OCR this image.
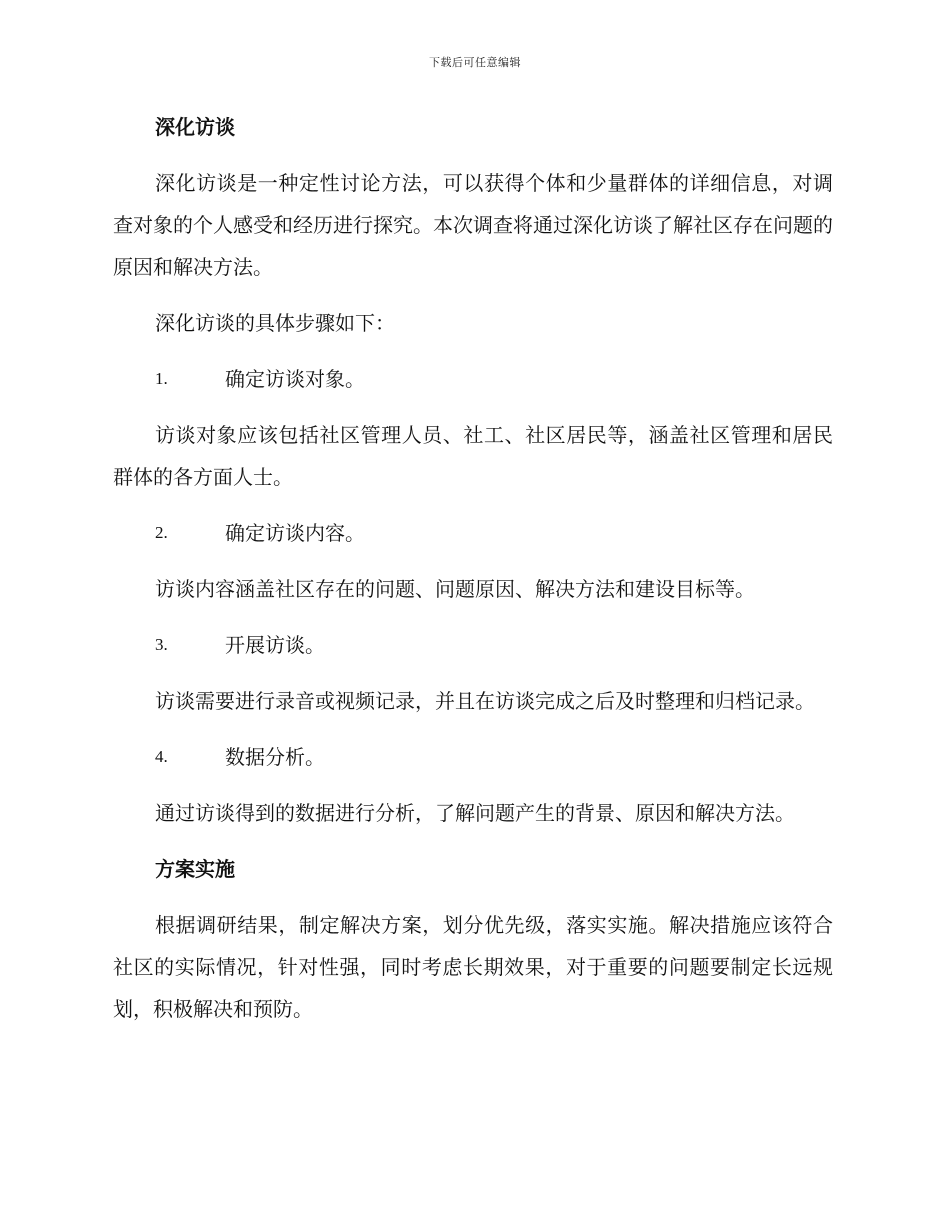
下载后可任意编辑
深化访谈

深化访谈是一种定性讨论方法，可以获得个体和少量群体的详细信息，对调查对象的个人感受和经历进行探究。本次调查将通过深化访谈了解社区存在问题的原因和解决方法。

深化访谈的具体步骤如下：

1.	确定访谈对象。

访谈对象应该包括社区管理人员、社工、社区居民等，涵盖社区管理和居民群体的各方面人士。

2.	确定访谈内容。

访谈内容涵盖社区存在的问题、问题原因、解决方法和建设目标等。

3.	开展访谈。

访谈需要进行录音或视频记录，并且在访谈完成之后及时整理和归档记录。

4.	数据分析。

通过访谈得到的数据进行分析，了解问题产生的背景、原因和解决方法。

方案实施

根据调研结果，制定解决方案，划分优先级，落实实施。解决措施应该符合社区的实际情况，针对性强，同时考虑长期效果，对于重要的问题要制定长远规划，积极解决和预防。
